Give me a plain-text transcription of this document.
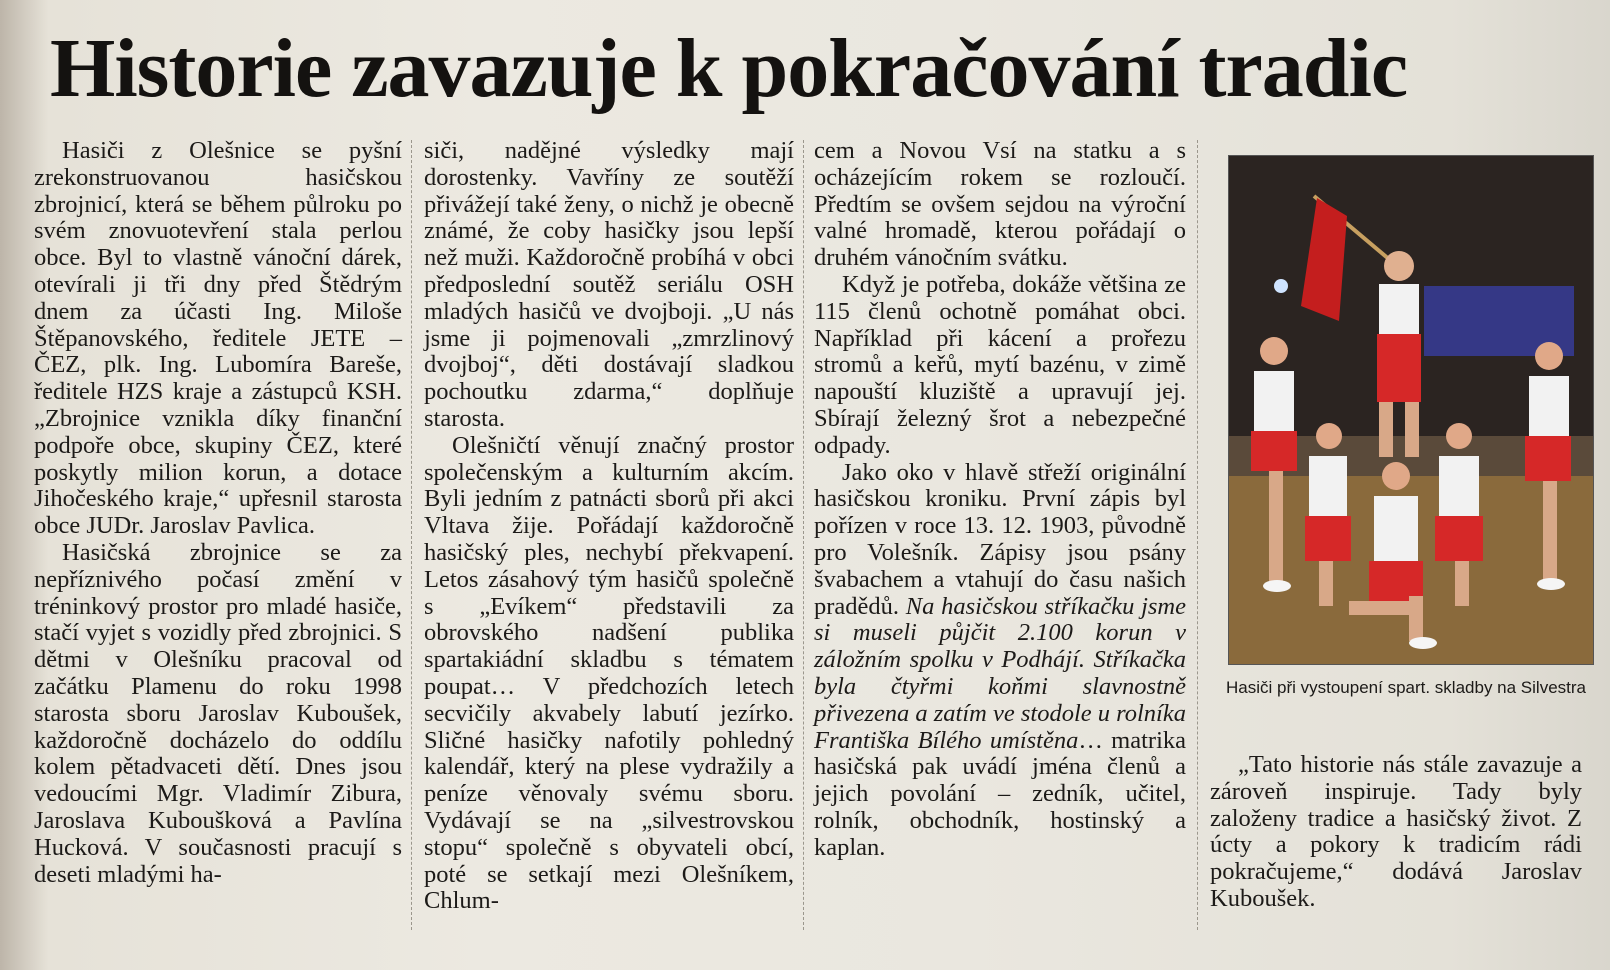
Historie zavazuje k pokračování tradic

Hasiči z Olešnice se pyšní zrekonstruovanou hasičskou zbrojnicí, která se během půlroku po svém znovuotevření stala perlou obce. Byl to vlastně vánoční dárek, otevírali ji tři dny před Štědrým dnem za účasti Ing. Miloše Štěpanovského, ředitele JETE – ČEZ, plk. Ing. Lubomíra Bareše, ředitele HZS kraje a zástupců KSH. „Zbrojnice vznikla díky finanční podpoře obce, skupiny ČEZ, které poskytly milion korun, a dotace Jihočeského kraje,“ upřesnil starosta obce JUDr. Jaroslav Pavlica.

Hasičská zbrojnice se za nepříznivého počasí změní v tréninkový prostor pro mladé hasiče, stačí vyjet s vozidly před zbrojnici. S dětmi v Olešníku pracoval od začátku Plamenu do roku 1998 starosta sboru Jaroslav Kuboušek, každoročně docházelo do oddílu kolem pětadvaceti dětí. Dnes jsou vedoucími Mgr. Vladimír Zibura, Jaroslava Kuboušková a Pavlína Hucková. V současnosti pracují s deseti mladými ha-

siči, nadějné výsledky mají dorostenky. Vavříny ze soutěží přivážejí také ženy, o nichž je obecně známé, že coby hasičky jsou lepší než muži. Každoročně probíhá v obci předposlední soutěž seriálu OSH mladých hasičů ve dvojboji. „U nás jsme ji pojmenovali „zmrzlinový dvojboj“, děti dostávají sladkou pochoutku zdarma,“ doplňuje starosta.

Olešničtí věnují značný prostor společenským a kulturním akcím. Byli jedním z patnácti sborů při akci Vltava žije. Pořádají každoročně hasičský ples, nechybí překvapení. Letos zásahový tým hasičů společně s „Evíkem“ představili za obrovského nadšení publika spartakiádní skladbu s tématem poupat… V předchozích letech secvičily akvabely labutí jezírko. Sličné hasičky nafotily pohledný kalendář, který na plese vydražily a peníze věnovaly svému sboru. Vydávají se na „silvestrovskou stopu“ společně s obyvateli obcí, poté se setkají mezi Olešníkem, Chlum-

cem a Novou Vsí na statku a s ocházejícím rokem se rozloučí. Předtím se ovšem sejdou na výroční valné hromadě, kterou pořádají o druhém vánočním svátku.

Když je potřeba, dokáže většina ze 115 členů ochotně pomáhat obci. Například při kácení a prořezu stromů a keřů, mytí bazénu, v zimě napouští kluziště a upravují jej. Sbírají železný šrot a nebezpečné odpady.

Jako oko v hlavě střeží originální hasičskou kroniku. První zápis byl pořízen v roce 13. 12. 1903, původně pro Volešník. Zápisy jsou psány švabachem a vtahují do času našich pradědů. Na hasičskou stříkačku jsme si museli půjčit 2.100 korun v záložním spolku v Podhájí. Stříkačka byla čtyřmi koňmi slavnostně přivezena a zatím ve stodole u rolníka Františka Bílého umístěna… matrika hasičská pak uvádí jména členů a jejich povolání – zedník, učitel, rolník, obchodník, hostinský a kaplan.

Hasiči při vystoupení spart. skladby na Silvestra

„Tato historie nás stále zavazuje a zároveň inspiruje. Tady byly založeny tradice a hasičský život. Z úcty a pokory k tradicím rádi pokračujeme,“ dodává Jaroslav Kuboušek.
